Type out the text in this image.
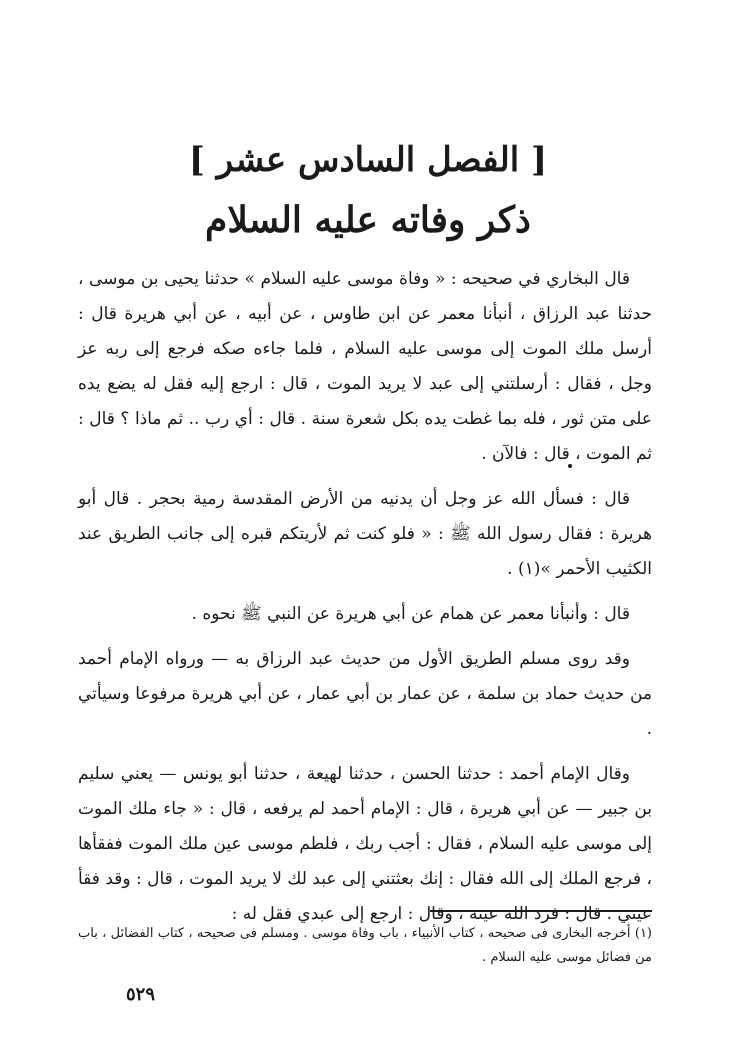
[ الفصل السادس عشر ]
ذكر وفاته عليه السلام

قال البخاري في صحيحه : « وفاة موسى عليه السلام » حدثنا يحيى بن موسى ، حدثنا عبد الرزاق ، أنبأنا معمر عن ابن طاوس ، عن أبيه ، عن أبي هريرة قال : أرسل ملك الموت إلى موسى عليه السلام ، فلما جاءه صكه فرجع إلى ربه عز وجل ، فقال : أرسلتني إلى عبد لا يريد الموت ، قال : ارجع إليه فقل له يضع يده على متن ثور ، فله بما غطت يده بكل شعرة سنة . قال : أي رب .. ثم ماذا ؟ قال : ثم الموت ، قال : فالآن .

قال : فسأل الله عز وجل أن يدنيه من الأرض المقدسة رمية بحجر . قال أبو هريرة : فقال رسول الله ﷺ : « فلو كنت ثم لأريتكم قبره إلى جانب الطريق عند الكثيب الأحمر »(١) .

قال : وأنبأنا معمر عن همام عن أبي هريرة عن النبي ﷺ نحوه .

وقد روى مسلم الطريق الأول من حديث عبد الرزاق به — ورواه الإمام أحمد من حديث حماد بن سلمة ، عن عمار بن أبي عمار ، عن أبي هريرة مرفوعا وسيأتي .

وقال الإمام أحمد : حدثنا الحسن ، حدثنا لهيعة ، حدثنا أبو يونس — يعني سليم بن جبير — عن أبي هريرة ، قال : الإمام أحمد لم يرفعه ، قال : « جاء ملك الموت إلى موسى عليه السلام ، فقال : أجب ربك ، فلطم موسى عين ملك الموت ففقأها ، فرجع الملك إلى الله فقال : إنك بعثتني إلى عبد لك لا يريد الموت ، قال : وقد فقأ عيني . قال : فرد الله عينه ، وقال : ارجع إلى عبدي فقل له :

(١) أخرجه البخارى فى صحيحه ، كتاب الأنبياء ، باب وفاة موسى . ومسلم فى صحيحه ، كتاب الفضائل ، باب من فضائل موسى عليه السلام .
٥٢٩
